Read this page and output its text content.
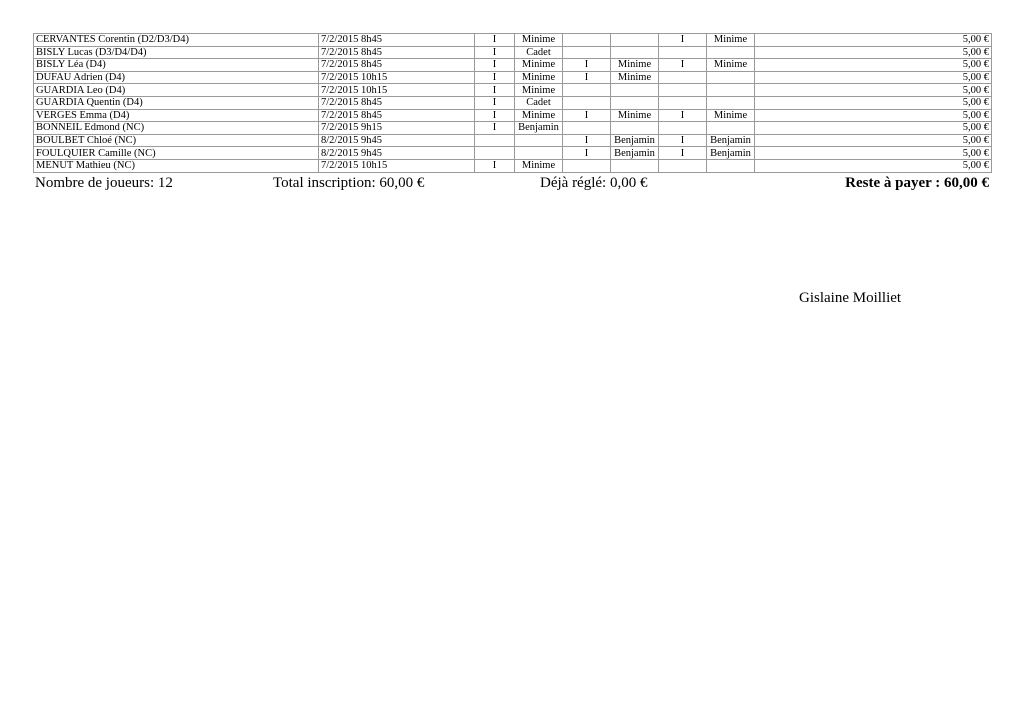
CERVANTES Corentin (D2/D3/D4)	7/2/2015 8h45	I	Minime			I	Minime	5,00 €
BISLY Lucas (D3/D4/D4)	7/2/2015 8h45	I	Cadet					5,00 €
BISLY Léa (D4)	7/2/2015 8h45	I	Minime	I	Minime	I	Minime	5,00 €
DUFAU Adrien (D4)	7/2/2015 10h15	I	Minime	I	Minime			5,00 €
GUARDIA Leo (D4)	7/2/2015 10h15	I	Minime					5,00 €
GUARDIA Quentin (D4)	7/2/2015 8h45	I	Cadet					5,00 €
VERGES Emma (D4)	7/2/2015 8h45	I	Minime	I	Minime	I	Minime	5,00 €
BONNEIL Edmond (NC)	7/2/2015 9h15	I	Benjamin					5,00 €
BOULBET Chloé (NC)	8/2/2015 9h45			I	Benjamin	I	Benjamin	5,00 €
FOULQUIER Camille (NC)	8/2/2015 9h45			I	Benjamin	I	Benjamin	5,00 €
MENUT Mathieu (NC)	7/2/2015 10h15	I	Minime					5,00 €
Nombre de joueurs: 12	Total inscription: 60,00 €	Déjà réglé: 0,00 €	Reste à payer : 60,00 €
Gislaine Moilliet
